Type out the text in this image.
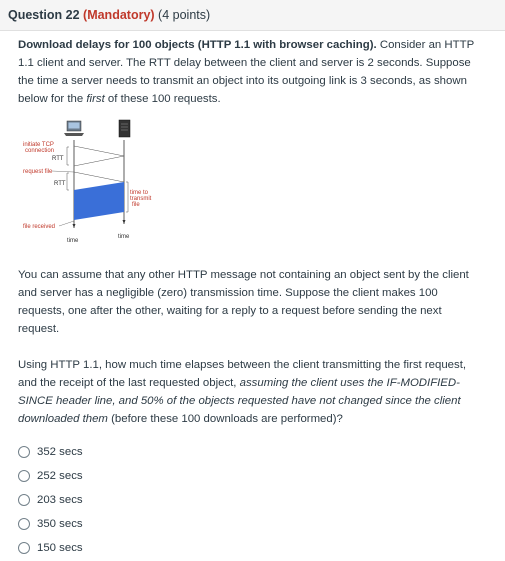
Question 22 (Mandatory) (4 points)
Download delays for 100 objects (HTTP 1.1 with browser caching). Consider an HTTP 1.1 client and server. The RTT delay between the client and server is 2 seconds. Suppose the time a server needs to transmit an object into its outgoing link is 3 seconds, as shown below for the first of these 100 requests.
initiate TCP
connection
RTT
request file
RTT
time to
transmit
file
file received
time
time
You can assume that any other HTTP message not containing an object sent by the client and server has a negligible (zero) transmission time. Suppose the client makes 100 requests, one after the other, waiting for a reply to a request before sending the next request.
Using HTTP 1.1, how much time elapses between the client transmitting the first request, and the receipt of the last requested object, assuming the client uses the IF-MODIFIED-SINCE header line, and 50% of the objects requested have not changed since the client downloaded them (before these 100 downloads are performed)?
352 secs
252 secs
203 secs
350 secs
150 secs
